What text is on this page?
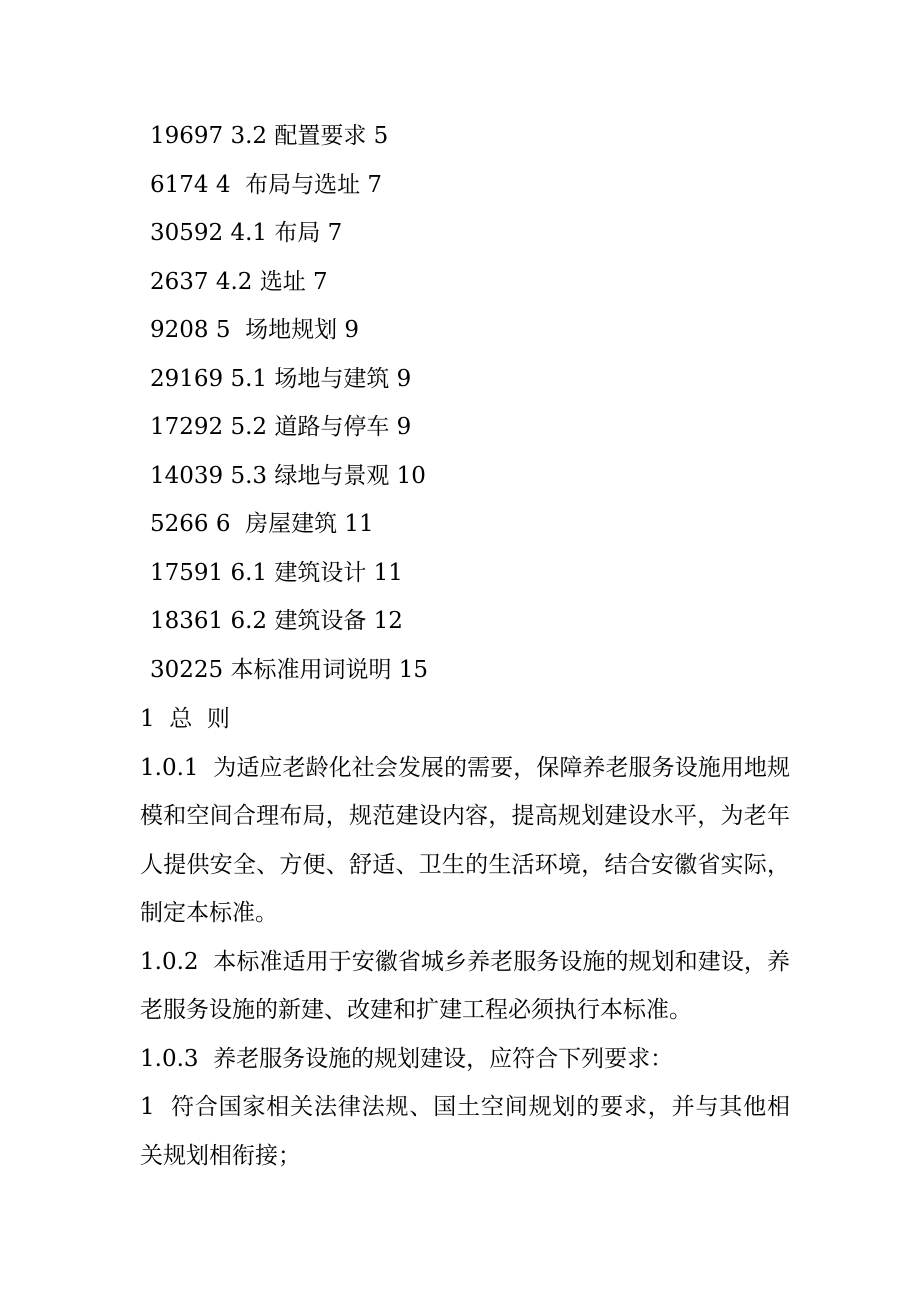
19697 3.2 配置要求 5
6174 4  布局与选址 7
30592 4.1 布局 7
2637 4.2 选址 7
9208 5  场地规划 9
29169 5.1 场地与建筑 9
17292 5.2 道路与停车 9
14039 5.3 绿地与景观 10
5266 6  房屋建筑 11
17591 6.1 建筑设计 11
18361 6.2 建筑设备 12
30225 本标准用词说明 15

1  总  则

1.0.1  为适应老龄化社会发展的需要，保障养老服务设施用地规模和空间合理布局，规范建设内容，提高规划建设水平，为老年人提供安全、方便、舒适、卫生的生活环境，结合安徽省实际，制定本标准。

1.0.2  本标准适用于安徽省城乡养老服务设施的规划和建设，养老服务设施的新建、改建和扩建工程必须执行本标准。

1.0.3  养老服务设施的规划建设，应符合下列要求：

1  符合国家相关法律法规、国土空间规划的要求，并与其他相关规划相衔接；
